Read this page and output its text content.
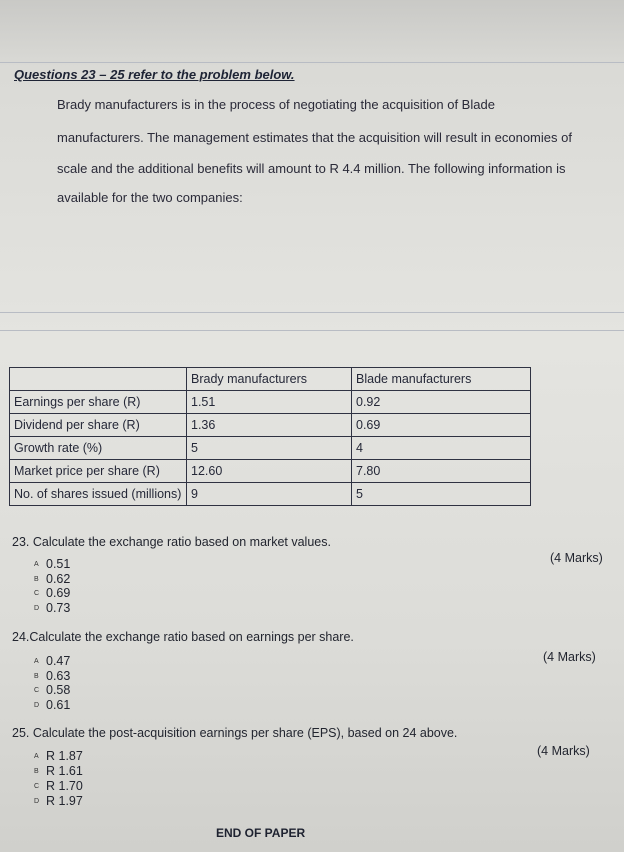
Questions 23 – 25 refer to the problem below.
Brady manufacturers is in the process of negotiating the acquisition of Blade
manufacturers. The management estimates that the acquisition will result in economies of
scale and the additional benefits will amount to R 4.4 million. The following information is
available for the two companies:
	Brady manufacturers	Blade manufacturers
Earnings per share (R)	1.51	0.92
Dividend per share (R)	1.36	0.69
Growth rate (%)	5	4
Market price per share (R)	12.60	7.80
No. of shares issued (millions)	9	5
23. Calculate the exchange ratio based on market values.
(4 Marks)
A 0.51
B 0.62
C 0.69
D 0.73
24.Calculate the exchange ratio based on earnings per share.
(4 Marks)
A 0.47
B 0.63
C 0.58
D 0.61
25. Calculate the post-acquisition earnings per share (EPS), based on 24 above.
(4 Marks)
A R 1.87
B R 1.61
C R 1.70
D R 1.97
END OF PAPER
